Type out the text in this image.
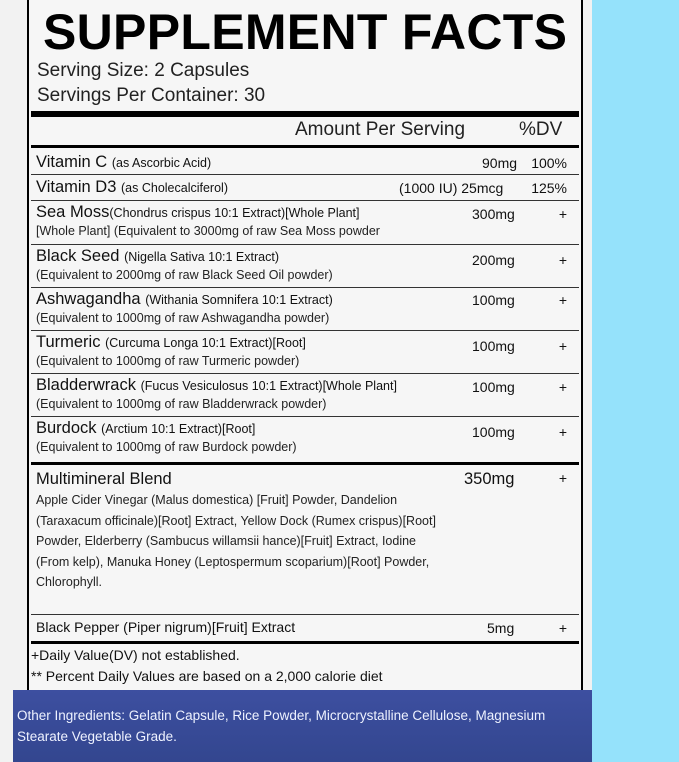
SUPPLEMENT FACTS
Serving Size: 2 Capsules
Servings Per Container: 30
Amount Per Serving	%DV
Vitamin C (as Ascorbic Acid)	90mg 100%
Vitamin D3 (as Cholecalciferol)	(1000 IU) 25mcg 125%
Sea Moss(Chondrus crispus 10:1 Extract)[Whole Plant]
[Whole Plant] (Equivalent to 3000mg of raw Sea Moss powder
300mg	+
Black Seed (Nigella Sativa 10:1 Extract)
(Equivalent to 2000mg of raw Black Seed Oil powder)
200mg	+
Ashwagandha (Withania Somnifera 10:1 Extract)
(Equivalent to 1000mg of raw Ashwagandha powder)
100mg	+
Turmeric (Curcuma Longa 10:1 Extract)[Root]
(Equivalent to 1000mg of raw Turmeric powder)
100mg	+
Bladderwrack (Fucus Vesiculosus 10:1 Extract)[Whole Plant]
(Equivalent to 1000mg of raw Bladderwrack powder)
100mg	+
Burdock (Arctium 10:1 Extract)[Root]
(Equivalent to 1000mg of raw Burdock powder)
100mg	+
Multimineral Blend	350mg	+
Apple Cider Vinegar (Malus domestica) [Fruit] Powder, Dandelion (Taraxacum officinale)[Root] Extract, Yellow Dock (Rumex crispus)[Root] Powder, Elderberry (Sambucus willamsii hance)[Fruit] Extract, Iodine (From kelp), Manuka Honey (Leptospermum scoparium)[Root] Powder, Chlorophyll.
Black Pepper (Piper nigrum)[Fruit] Extract	5mg	+
+Daily Value(DV) not established.
** Percent Daily Values are based on a 2,000 calorie diet
Other Ingredients: Gelatin Capsule, Rice Powder, Microcrystalline Cellulose, Magnesium Stearate Vegetable Grade.
